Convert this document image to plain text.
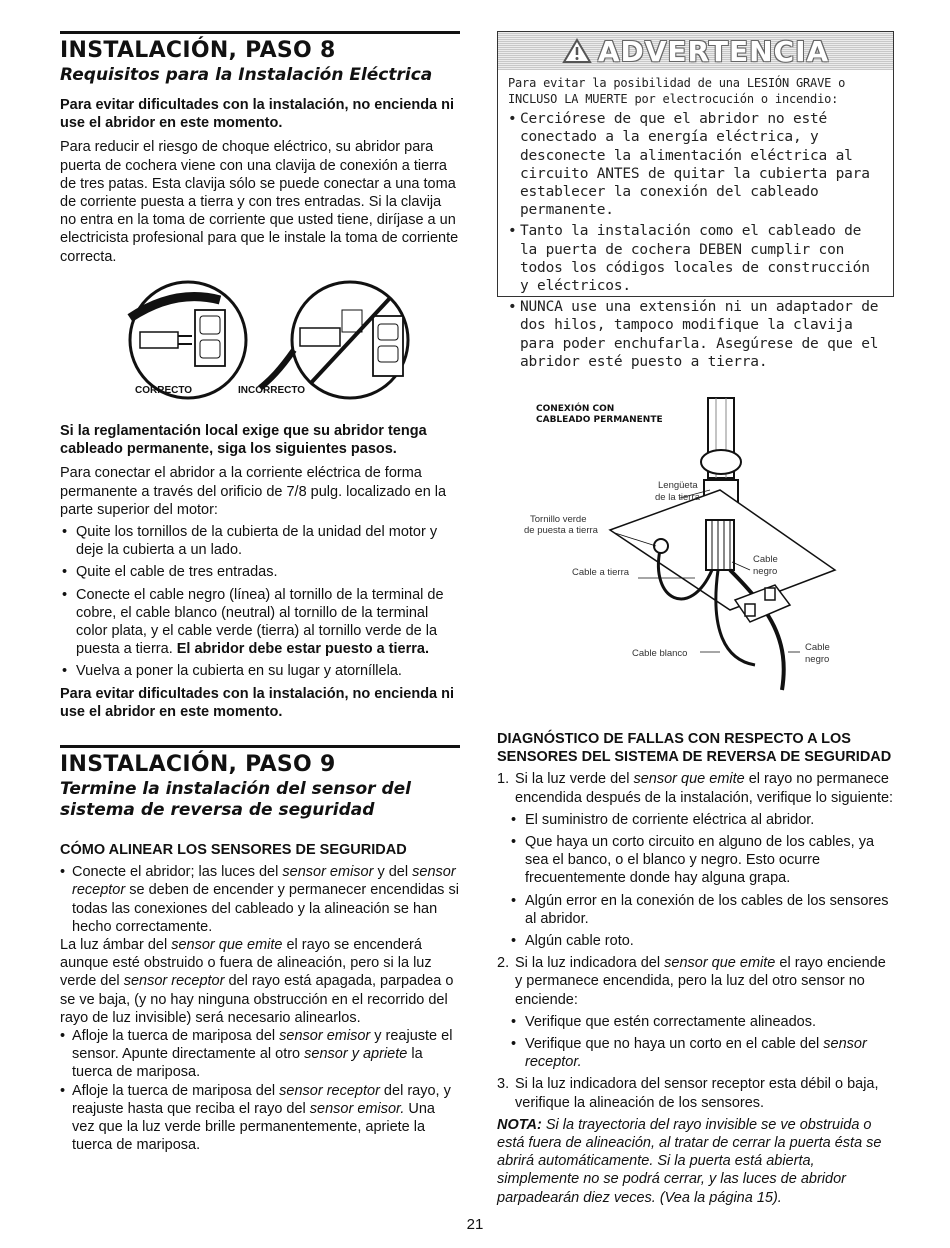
INSTALACIÓN, PASO 8
Requisitos para la Instalación Eléctrica

Para evitar dificultades con la instalación, no encienda ni use el abridor en este momento.

Para reducir el riesgo de choque eléctrico, su abridor para puerta de cochera viene con una clavija de conexión a tierra de tres patas. Esta clavija sólo se puede conectar a una toma de corriente puesta a tierra y con tres entradas. Si la clavija no entra en la toma de corriente que usted tiene, diríjase a un electricista profesional para que le instale la toma de corriente correcta.

CORRECTO	INCORRECTO

Si la reglamentación local exige que su abridor tenga cableado permanente, siga los siguientes pasos.

Para conectar el abridor a la corriente eléctrica de forma permanente a través del orificio de 7/8 pulg. localizado en la parte superior del motor:

• Quite los tornillos de la cubierta de la unidad del motor y deje la cubierta a un lado.
• Quite el cable de tres entradas.
• Conecte el cable negro (línea) al tornillo de la terminal de cobre, el cable blanco (neutral) al tornillo de la terminal color plata, y el cable verde (tierra) al tornillo verde de la puesta a tierra. El abridor debe estar puesto a tierra.
• Vuelva a poner la cubierta en su lugar y atorníllela.

Para evitar dificultades con la instalación, no encienda ni use el abridor en este momento.

INSTALACIÓN, PASO 9
Termine la instalación del sensor del sistema de reversa de seguridad

CÓMO ALINEAR LOS SENSORES DE SEGURIDAD

• Conecte el abridor; las luces del sensor emisor y del sensor receptor se deben de encender y permanecer encendidas si todas las conexiones del cableado y la alineación se han hecho correctamente.

La luz ámbar del sensor que emite el rayo se encenderá aunque esté obstruido o fuera de alineación, pero si la luz verde del sensor receptor del rayo está apagada, parpadea o se ve baja, (y no hay ninguna obstrucción en el recorrido del rayo de luz invisible) será necesario alinearlos.

• Afloje la tuerca de mariposa del sensor emisor y reajuste el sensor. Apunte directamente al otro sensor y apriete la tuerca de mariposa.
• Afloje la tuerca de mariposa del sensor receptor del rayo, y reajuste hasta que reciba el rayo del sensor emisor. Una vez que la luz verde brille permanentemente, apriete la tuerca de mariposa.
ADVERTENCIA
Para evitar la posibilidad de una LESIÓN GRAVE o INCLUSO LA MUERTE por electrocución o incendio:
• Cerciórese de que el abridor no esté conectado a la energía eléctrica, y desconecte la alimentación eléctrica al circuito ANTES de quitar la cubierta para establecer la conexión del cableado permanente.
• Tanto la instalación como el cableado de la puerta de cochera DEBEN cumplir con todos los códigos locales de construcción y eléctricos.
• NUNCA use una extensión ni un adaptador de dos hilos, tampoco modifique la clavija para poder enchufarla. Asegúrese de que el abridor esté puesto a tierra.
CONEXIÓN CON
CABLEADO PERMANENTE
Lengüeta
de la tierra
Tornillo verde
de puesta a tierra
Cable a tierra
Cable
negro
Cable blanco
Cable
negro

DIAGNÓSTICO DE FALLAS CON RESPECTO A LOS SENSORES DEL SISTEMA DE REVERSA DE SEGURIDAD

1. Si la luz verde del sensor que emite el rayo no permanece encendida después de la instalación, verifique lo siguiente:
• El suministro de corriente eléctrica al abridor.
• Que haya un corto circuito en alguno de los cables, ya sea el banco, o el blanco y negro. Esto ocurre frecuentemente donde hay alguna grapa.
• Algún error en la conexión de los cables de los sensores al abridor.
• Algún cable roto.
2. Si la luz indicadora del sensor que emite el rayo enciende y permanece encendida, pero la luz del otro sensor no enciende:
• Verifique que estén correctamente alineados.
• Verifique que no haya un corto en el cable del sensor receptor.
3. Si la luz indicadora del sensor receptor esta débil o baja, verifique la alineación de los sensores.

NOTA: Si la trayectoria del rayo invisible se ve obstruida o está fuera de alineación, al tratar de cerrar la puerta ésta se abrirá automáticamente. Si la puerta está abierta, simplemente no se podrá cerrar, y las luces de abridor parpadearán diez veces. (Vea la página 15).

21
